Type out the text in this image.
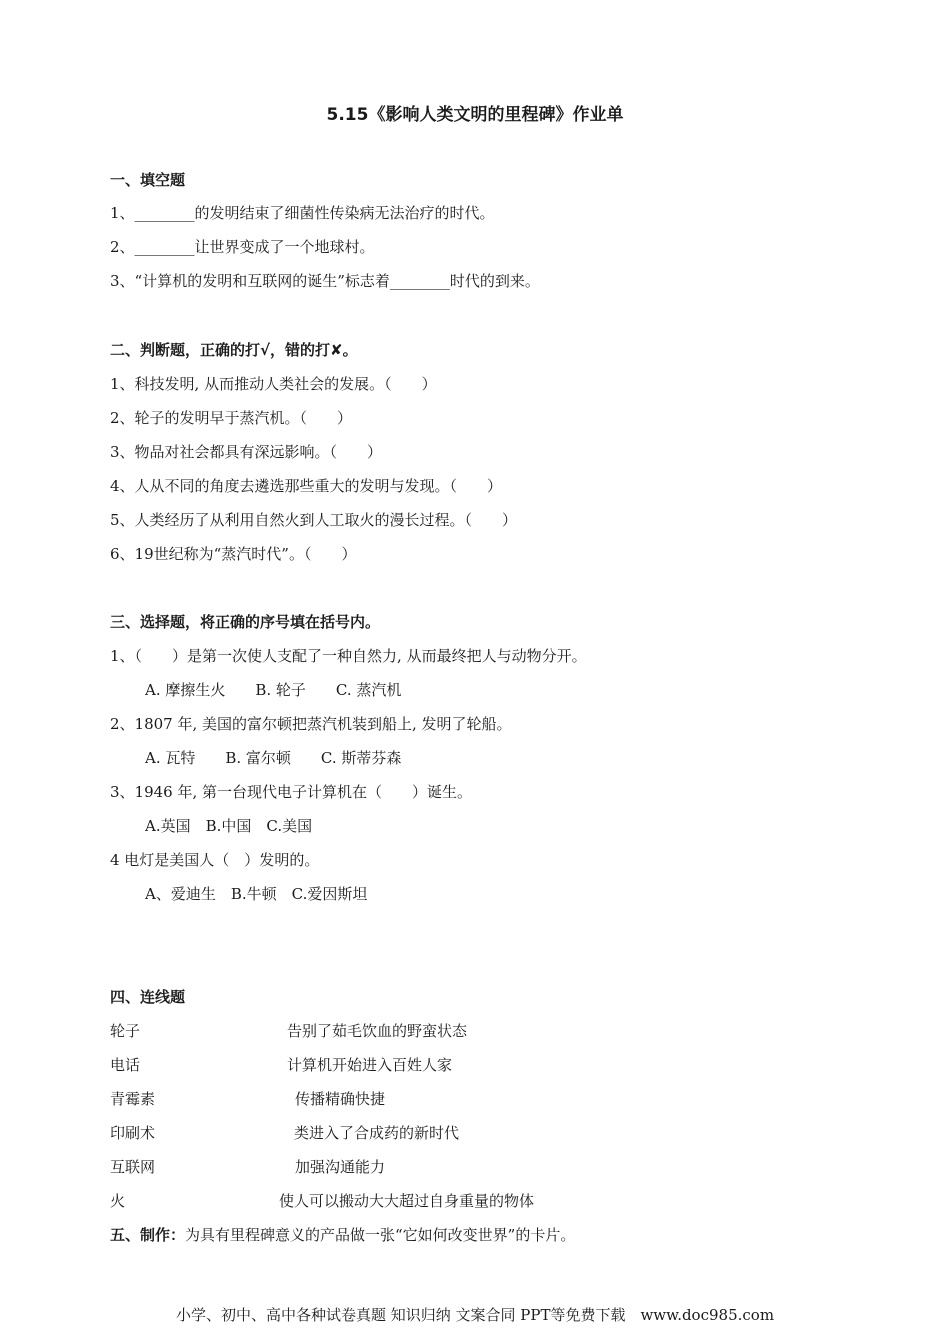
5.15《影响人类文明的里程碑》作业单
一、填空题
1、________的发明结束了细菌性传染病无法治疗的时代。
2、________让世界变成了一个地球村。
3、“计算机的发明和互联网的诞生”标志着________时代的到来。
二、判断题，正确的打√，错的打✘。
1、科技发明, 从而推动人类社会的发展。（　　）
2、轮子的发明早于蒸汽机。（　　）
3、物品对社会都具有深远影响。（　　）
4、人从不同的角度去遴选那些重大的发明与发现。（　　）
5、人类经历了从利用自然火到人工取火的漫长过程。（　　）
6、19世纪称为“蒸汽时代”。（　　）
三、选择题，将正确的序号填在括号内。
1、（　　）是第一次使人支配了一种自然力, 从而最终把人与动物分开。
A. 摩擦生火　　B. 轮子　　C. 蒸汽机
2、1807 年, 美国的富尔顿把蒸汽机装到船上, 发明了轮船。
A. 瓦特　　B. 富尔顿　　C. 斯蒂芬森
3、1946 年, 第一台现代电子计算机在（　　）诞生。
A.英国　B.中国　C.美国
4 电灯是美国人（　）发明的。
A、爱迪生　B.牛顿　C.爱因斯坦
四、连线题
轮子	告别了茹毛饮血的野蛮状态
电话	计算机开始进入百姓人家
青霉素	传播精确快捷
印刷术	类进入了合成药的新时代
互联网	加强沟通能力
火	使人可以搬动大大超过自身重量的物体
五、制作：为具有里程碑意义的产品做一张“它如何改变世界”的卡片。
小学、初中、高中各种试卷真题 知识归纳 文案合同 PPT等免费下载　www.doc985.com
